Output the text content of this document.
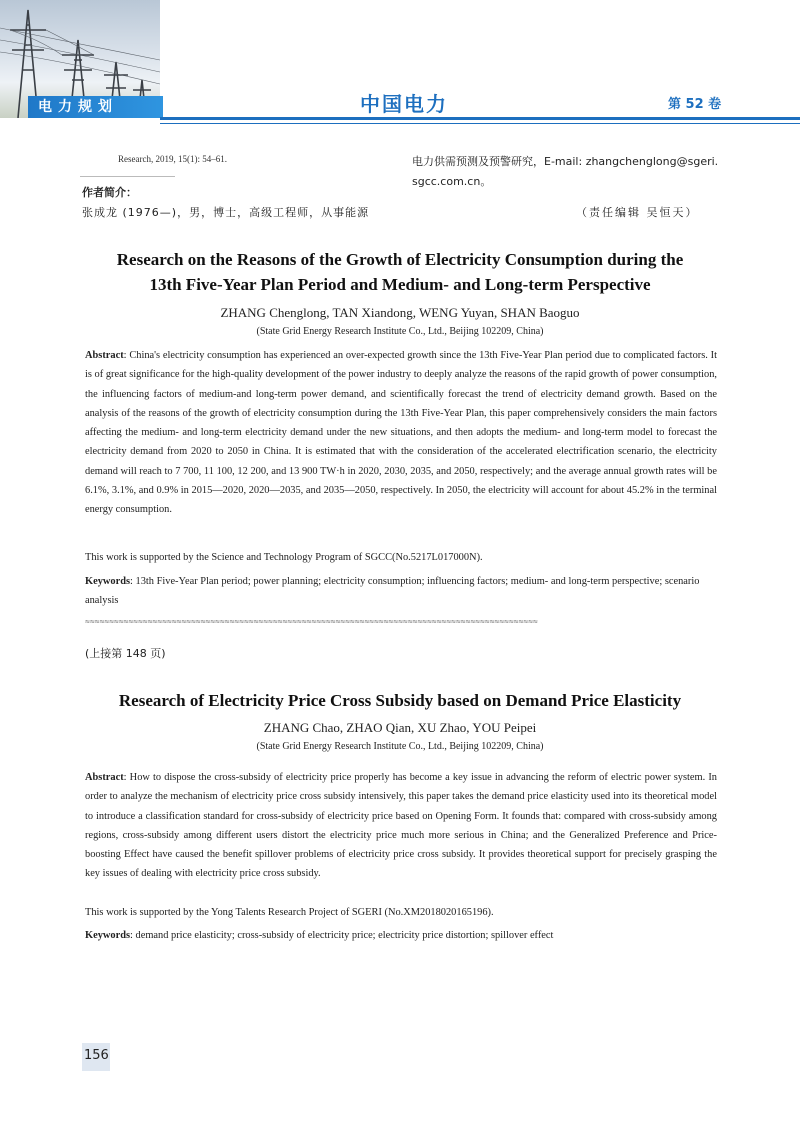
电力规划	中国电力	第 52 卷
Research, 2019, 15(1): 54–61.
作者简介：
张成龙 (1976—)，男，博士，高级工程师，从事能源
电力供需预测及预警研究，E-mail: zhangchenglong@sgeri.
sgcc.com.cn。
（责任编辑 吴恒天）
Research on the Reasons of the Growth of Electricity Consumption during the
13th Five-Year Plan Period and Medium- and Long-term Perspective
ZHANG Chenglong, TAN Xiandong, WENG Yuyan, SHAN Baoguo
(State Grid Energy Research Institute Co., Ltd., Beijing 102209, China)
Abstract: China's electricity consumption has experienced an over-expected growth since the 13th Five-Year Plan period due to complicated factors. It is of great significance for the high-quality development of the power industry to deeply analyze the reasons of the rapid growth of power consumption, the influencing factors of medium-and long-term power demand, and scientifically forecast the trend of electricity demand growth. Based on the analysis of the reasons of the growth of electricity consumption during the 13th Five-Year Plan, this paper comprehensively considers the main factors affecting the medium- and long-term electricity demand under the new situations, and then adopts the medium- and long-term model to forecast the electricity demand from 2020 to 2050 in China. It is estimated that with the consideration of the accelerated electrification scenario, the electricity demand will reach to 7 700, 11 100, 12 200, and 13 900 TW·h in 2020, 2030, 2035, and 2050, respectively; and the average annual growth rates will be 6.1%, 3.1%, and 0.9% in 2015—2020, 2020—2035, and 2035—2050, respectively. In 2050, the electricity will account for about 45.2% in the terminal energy consumption.
This work is supported by the Science and Technology Program of SGCC(No.5217L017000N).
Keywords: 13th Five-Year Plan period; power planning; electricity consumption; influencing factors; medium- and long-term perspective; scenario analysis
≈≈≈≈≈≈≈≈≈≈≈≈≈≈≈≈≈≈≈≈≈≈≈≈≈≈≈≈≈≈≈≈≈≈≈≈≈≈≈≈≈≈≈≈≈≈≈≈≈≈≈≈≈≈≈≈≈≈≈≈≈≈≈≈≈≈≈≈≈≈≈≈≈≈≈≈≈≈≈≈≈≈≈≈≈≈≈≈≈≈≈≈≈≈
(上接第 148 页)
Research of Electricity Price Cross Subsidy based on Demand Price Elasticity
ZHANG Chao, ZHAO Qian, XU Zhao, YOU Peipei
(State Grid Energy Research Institute Co., Ltd., Beijing 102209, China)
Abstract: How to dispose the cross-subsidy of electricity price properly has become a key issue in advancing the reform of electric power system. In order to analyze the mechanism of electricity price cross subsidy intensively, this paper takes the demand price elasticity used into its theoretical model to introduce a classification standard for cross-subsidy of electricity price based on Opening Form. It founds that: compared with cross-subsidy among regions, cross-subsidy among different users distort the electricity price much more serious in China; and the Generalized Preference and Price-boosting Effect have caused the benefit spillover problems of electricity price cross subsidy. It provides theoretical support for precisely grasping the key issues of dealing with electricity price cross subsidy.
This work is supported by the Yong Talents Research Project of SGERI (No.XM2018020165196).
Keywords: demand price elasticity; cross-subsidy of electricity price; electricity price distortion; spillover effect
156
